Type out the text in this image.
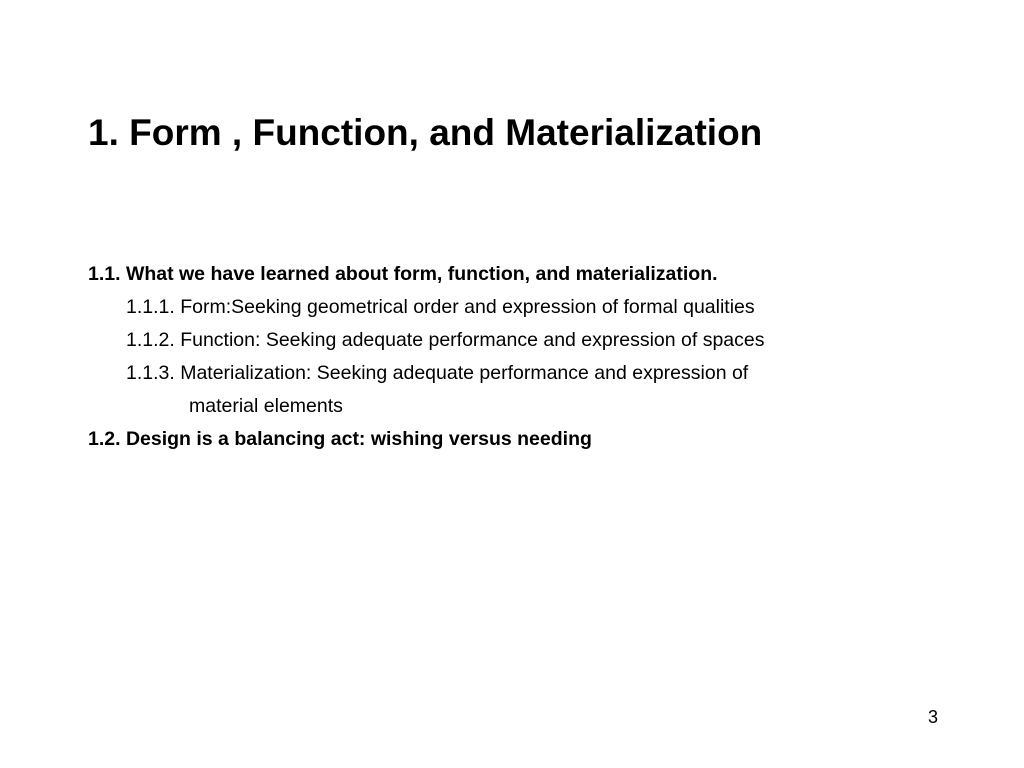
1. Form , Function, and Materialization
1.1. What we have learned about form, function, and materialization.
1.1.1. Form:Seeking geometrical order and expression of formal qualities
1.1.2. Function: Seeking adequate performance and expression of spaces
1.1.3. Materialization: Seeking adequate performance and expression of
material elements
1.2. Design is a balancing act: wishing versus needing
3
